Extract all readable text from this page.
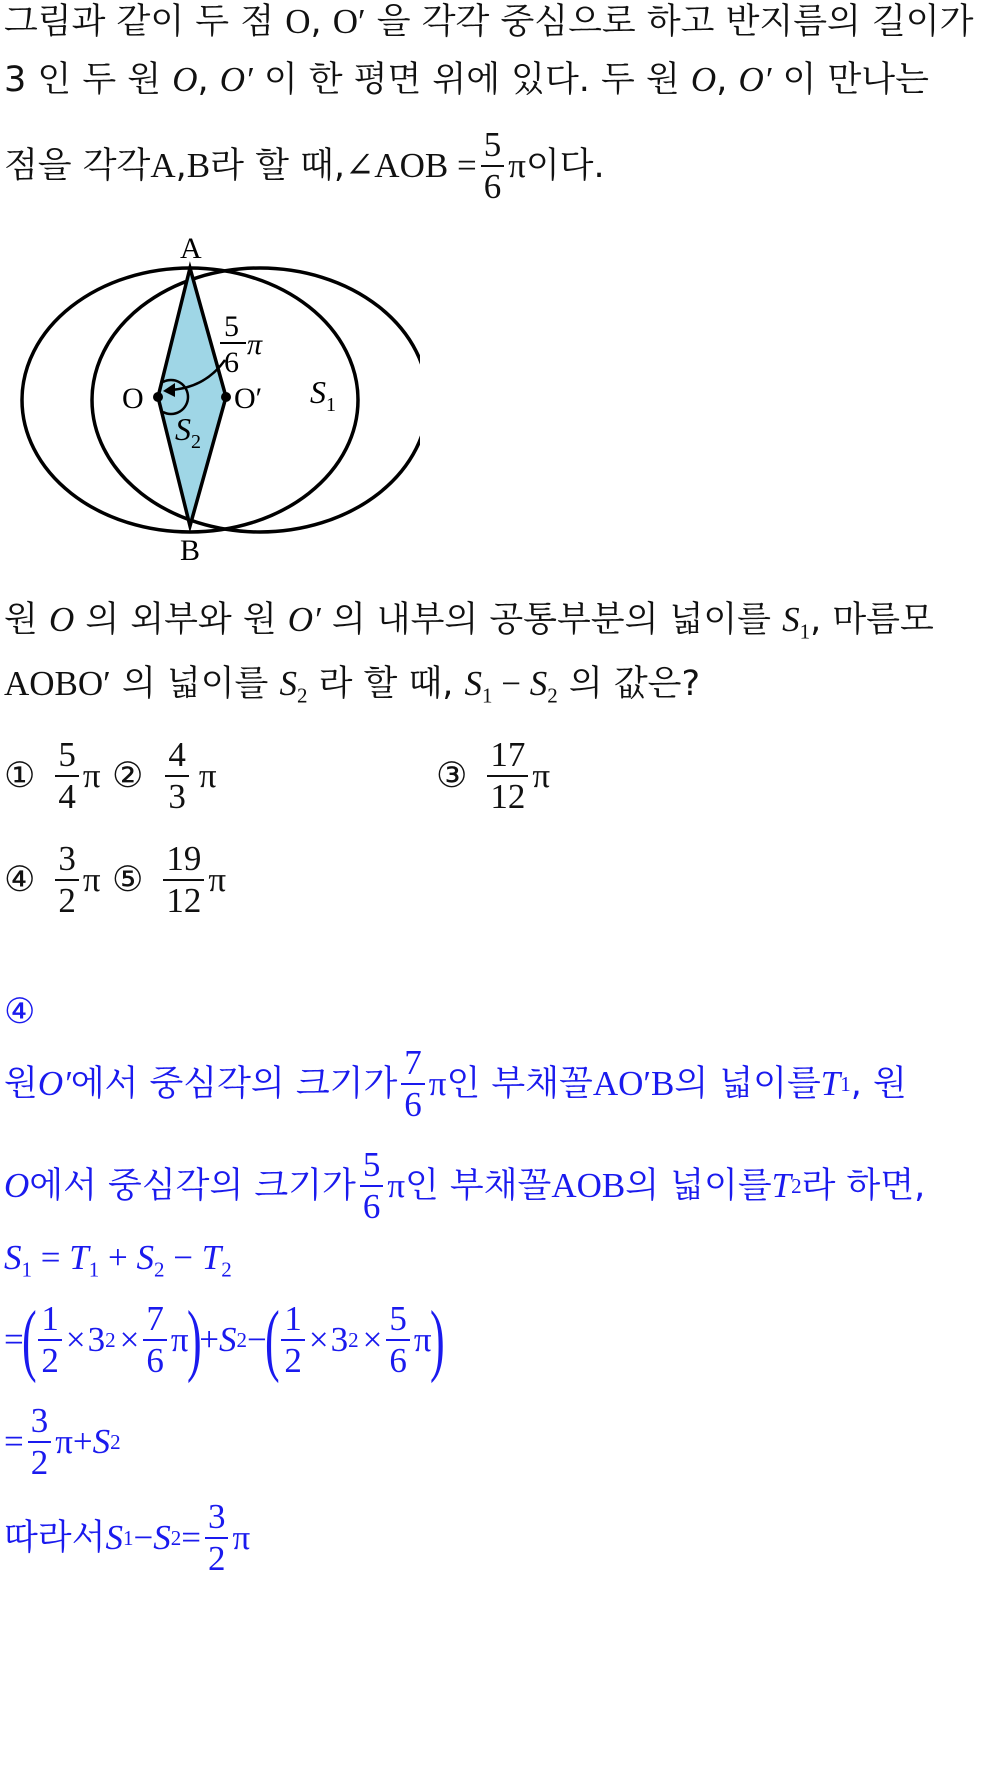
그림과 같이 두 점 O, O′ 을 각각 중심으로 하고 반지름의 길이가
3 인 두 원 O, O′ 이 한 평면 위에 있다. 두 원 O, O′ 이 만나는
점을 각각 A , B 라 할 때, ∠AOB = $\frac{5}{6}$ π 이다.
A
B
O	O′
5
6
π
$S_1$
$S_2$
원 O 의 외부와 원 O′ 의 내부의 공통부분의 넓이를 $S_1$, 마름모
AOBO′ 의 넓이를 $S_2$ 라 할 때, $S_1 - S_2$ 의 값은?
① $\frac{5}{4}$ π ② $\frac{4}{3}$ π	③ $\frac{17}{12}$ π
④ $\frac{3}{2}$ π ⑤ $\frac{19}{12}$ π
④
원 O′ 에서 중심각의 크기가 $\frac{7}{6}$ π 인 부채꼴 AO′B 의 넓이를 T 1 , 원
O 에서 중심각의 크기가 $\frac{5}{6}$ π 인 부채꼴 AOB 의 넓이를 T 2 라 하면,
$S_1 = T_1 + S_2 - T_2$
=
( $\frac{1}{2} \times 3$ $2 \times \frac{7}{6}$ π
)
+ S 2 −
( $\frac{1}{2} \times 3$ $2 \times \frac{5}{6}$ π
)
= $\frac{3}{2}$ π + S 2
따라서 S 1 − S $2 = \frac{3}{2}$ π
